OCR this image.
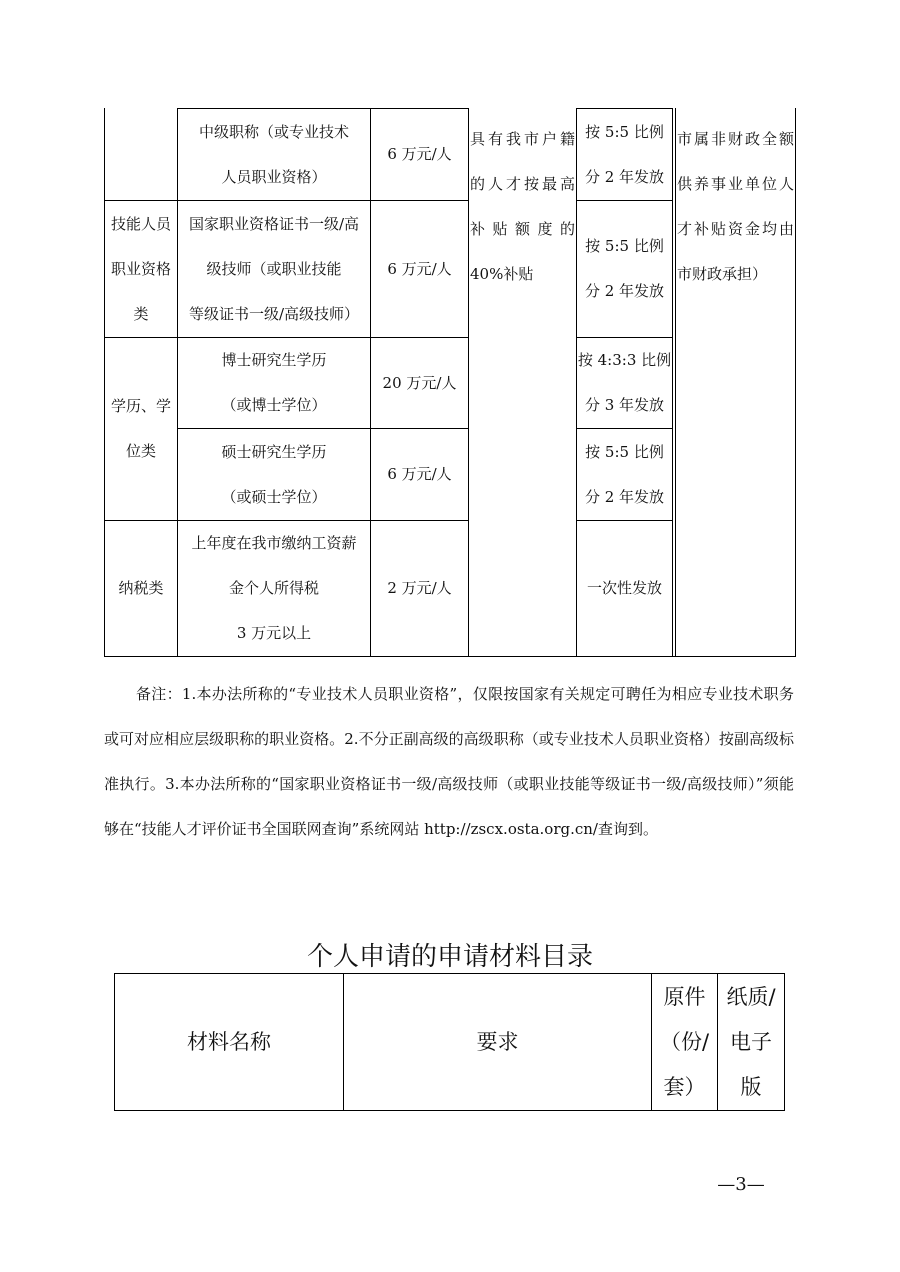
中级职称（或专业技术
人员职业资格）
6 万元/人
按 5:5 比例
分 2 年发放
技能人员
职业资格
类
国家职业资格证书一级/高
级技师（或职业技能
等级证书一级/高级技师）
6 万元/人
按 5:5 比例
分 2 年发放
学历、学
位类
博士研究生学历
（或博士学位）
20 万元/人
按 4:3:3 比例
分 3 年发放
硕士研究生学历
（或硕士学位）
6 万元/人
按 5:5 比例
分 2 年发放
纳税类
上年度在我市缴纳工资薪
金个人所得税
3 万元以上
2 万元/人	一次性发放
具有我市户籍
的人才按最高
补贴额度的
40%补贴
市属非财政全额
供养事业单位人
才补贴资金均由
市财政承担）
备注：1.本办法所称的“专业技术人员职业资格”，仅限按国家有关规定可聘任为相应专业技术职务或可对应相应层级职称的职业资格。2.不分正副高级的高级职称（或专业技术人员职业资格）按副高级标准执行。3.本办法所称的“国家职业资格证书一级/高级技师（或职业技能等级证书一级/高级技师）”须能够在“技能人才评价证书全国联网查询”系统网站 http://zscx.osta.org.cn/查询到。
个人申请的申请材料目录
材料名称	要求
原件
（份/
套）
纸质/
电子
版
—3—
